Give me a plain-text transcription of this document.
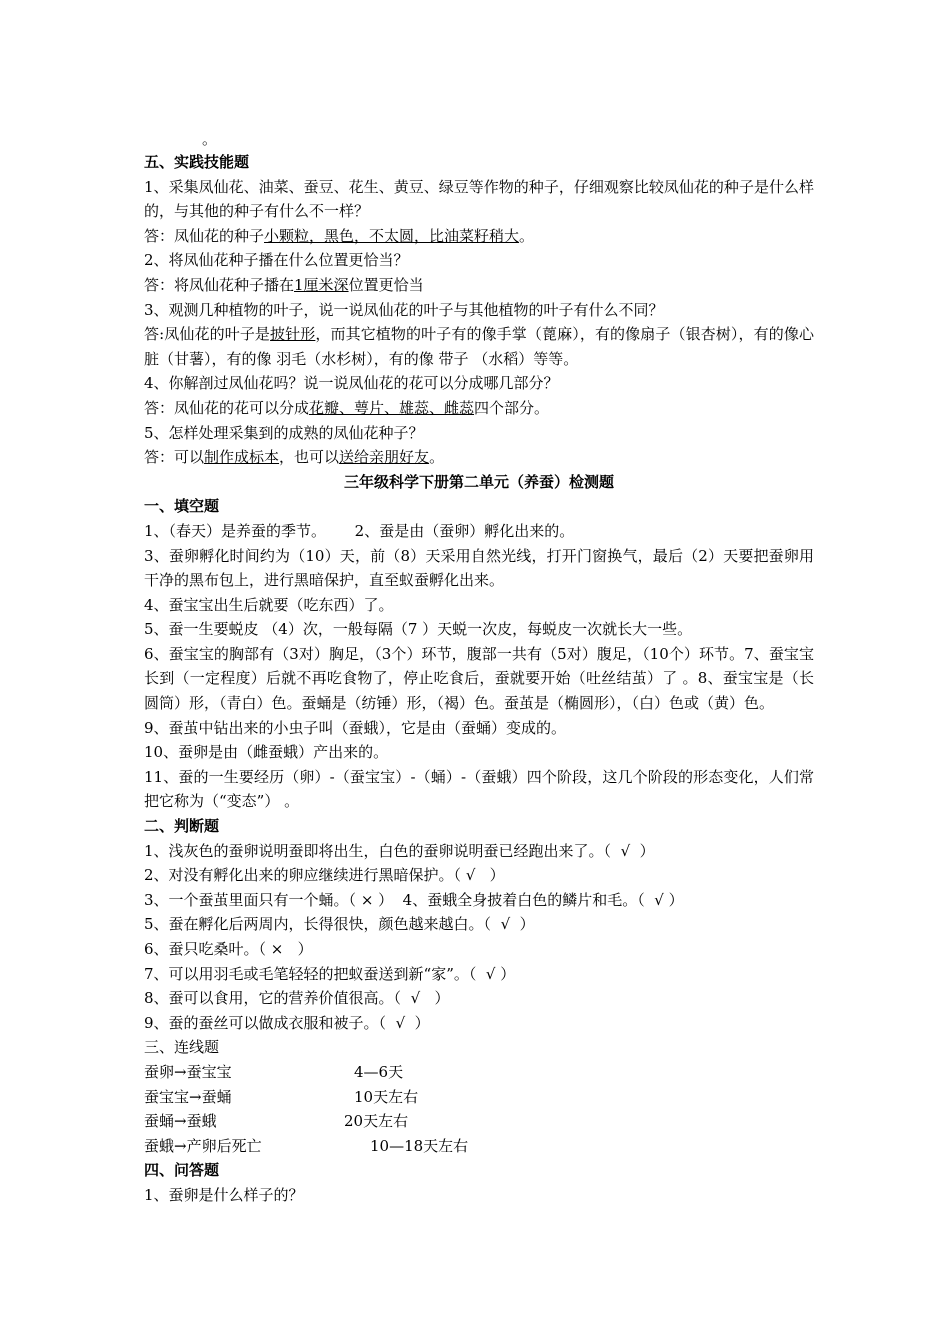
。
五、实践技能题
1、采集凤仙花、油菜、蚕豆、花生、黄豆、绿豆等作物的种子，仔细观察比较凤仙花的种子是什么样的，与其他的种子有什么不一样？
答：凤仙花的种子小颗粒，黑色，不太圆，比油菜籽稍大。
2、将凤仙花种子播在什么位置更恰当？
答：将凤仙花种子播在1厘米深位置更恰当
3、观测几种植物的叶子，说一说凤仙花的叶子与其他植物的叶子有什么不同？
答:凤仙花的叶子是披针形，而其它植物的叶子有的像手掌（蓖麻），有的像扇子（银杏树），有的像心脏（甘薯），有的像 羽毛（水杉树），有的像 带子 （水稻）等等。
4、你解剖过凤仙花吗？说一说凤仙花的花可以分成哪几部分？
答：凤仙花的花可以分成花瓣、萼片、雄蕊、雌蕊四个部分。
5、怎样处理采集到的成熟的凤仙花种子？
答：可以制作成标本，也可以送给亲朋好友。
三年级科学下册第二单元（养蚕）检测题
一、填空题
1、（春天）是养蚕的季节。      2、蚕是由（蚕卵）孵化出来的。
3、蚕卵孵化时间约为（10）天，前（8）天采用自然光线，打开门窗换气，最后（2）天要把蚕卵用干净的黑布包上，进行黑暗保护，直至蚁蚕孵化出来。
4、蚕宝宝出生后就要（吃东西）了。
5、蚕一生要蜕皮 （4）次，一般每隔（7 ）天蜕一次皮，每蜕皮一次就长大一些。
6、蚕宝宝的胸部有（3对）胸足，（3个）环节，腹部一共有（5对）腹足，（10个）环节。7、蚕宝宝长到（一定程度）后就不再吃食物了，停止吃食后，蚕就要开始（吐丝结茧）了 。8、蚕宝宝是（长圆筒）形，（青白）色。蚕蛹是（纺锤）形，（褐）色。蚕茧是（椭圆形），（白）色或（黄）色。
9、蚕茧中钻出来的小虫子叫（蚕蛾），它是由（蚕蛹）变成的。
10、蚕卵是由（雌蚕蛾）产出来的。
11、蚕的一生要经历（卵）-（蚕宝宝）-（蛹）-（蚕蛾）四个阶段，这几个阶段的形态变化，人们常把它称为（“变态”） 。
二、判断题
1、浅灰色的蚕卵说明蚕即将出生，白色的蚕卵说明蚕已经跑出来了。（  √  ）
2、对没有孵化出来的卵应继续进行黑暗保护。（ √   ）
3、一个蚕茧里面只有一个蛹。（ × ）  4、蚕蛾全身披着白色的鳞片和毛。（  √ ）
5、蚕在孵化后两周内，长得很快，颜色越来越白。（  √  ）
6、蚕只吃桑叶。（ ×   ）
7、可以用羽毛或毛笔轻轻的把蚁蚕送到新“家”。（  √ ）
8、蚕可以食用，它的营养价值很高。（  √   ）
9、蚕的蚕丝可以做成衣服和被子。（  √  ）
三、连线题
蚕卵→蚕宝宝	4—6天
蚕宝宝→蚕蛹	10天左右
蚕蛹→蚕蛾	20天左右
蚕蛾→产卵后死亡	10—18天左右
四、问答题
1、蚕卵是什么样子的？
